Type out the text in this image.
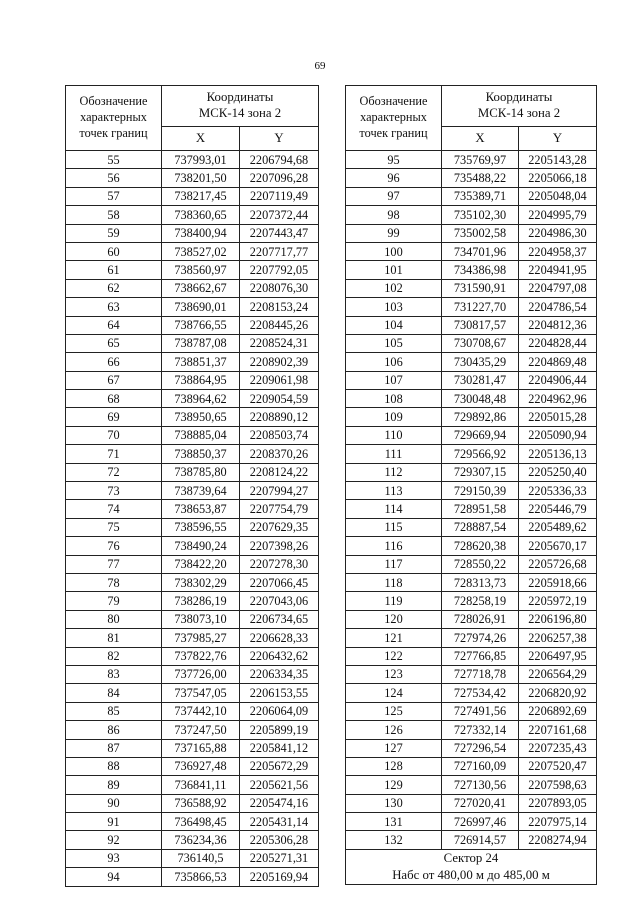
69
Обозначение
характерных
точек границ	Координаты
МСК-14 зона 2	
	X	Y
55	737993,01	2206794,68
56	738201,50	2207096,28
57	738217,45	2207119,49
58	738360,65	2207372,44
59	738400,94	2207443,47
60	738527,02	2207717,77
61	738560,97	2207792,05
62	738662,67	2208076,30
63	738690,01	2208153,24
64	738766,55	2208445,26
65	738787,08	2208524,31
66	738851,37	2208902,39
67	738864,95	2209061,98
68	738964,62	2209054,59
69	738950,65	2208890,12
70	738885,04	2208503,74
71	738850,37	2208370,26
72	738785,80	2208124,22
73	738739,64	2207994,27
74	738653,87	2207754,79
75	738596,55	2207629,35
76	738490,24	2207398,26
77	738422,20	2207278,30
78	738302,29	2207066,45
79	738286,19	2207043,06
80	738073,10	2206734,65
81	737985,27	2206628,33
82	737822,76	2206432,62
83	737726,00	2206334,35
84	737547,05	2206153,55
85	737442,10	2206064,09
86	737247,50	2205899,19
87	737165,88	2205841,12
88	736927,48	2205672,29
89	736841,11	2205621,56
90	736588,92	2205474,16
91	736498,45	2205431,14
92	736234,36	2205306,28
93	736140,5	2205271,31
94	735866,53	2205169,94
Обозначение
характерных
точек границ	Координаты
МСК-14 зона 2	
	X	Y
95	735769,97	2205143,28
96	735488,22	2205066,18
97	735389,71	2205048,04
98	735102,30	2204995,79
99	735002,58	2204986,30
100	734701,96	2204958,37
101	734386,98	2204941,95
102	731590,91	2204797,08
103	731227,70	2204786,54
104	730817,57	2204812,36
105	730708,67	2204828,44
106	730435,29	2204869,48
107	730281,47	2204906,44
108	730048,48	2204962,96
109	729892,86	2205015,28
110	729669,94	2205090,94
111	729566,92	2205136,13
112	729307,15	2205250,40
113	729150,39	2205336,33
114	728951,58	2205446,79
115	728887,54	2205489,62
116	728620,38	2205670,17
117	728550,22	2205726,68
118	728313,73	2205918,66
119	728258,19	2205972,19
120	728026,91	2206196,80
121	727974,26	2206257,38
122	727766,85	2206497,95
123	727718,78	2206564,29
124	727534,42	2206820,92
125	727491,56	2206892,69
126	727332,14	2207161,68
127	727296,54	2207235,43
128	727160,09	2207520,47
129	727130,56	2207598,63
130	727020,41	2207893,05
131	726997,46	2207975,14
132	726914,57	2208274,94
Сектор 24
Набс от 480,00 м до 485,00 м		
